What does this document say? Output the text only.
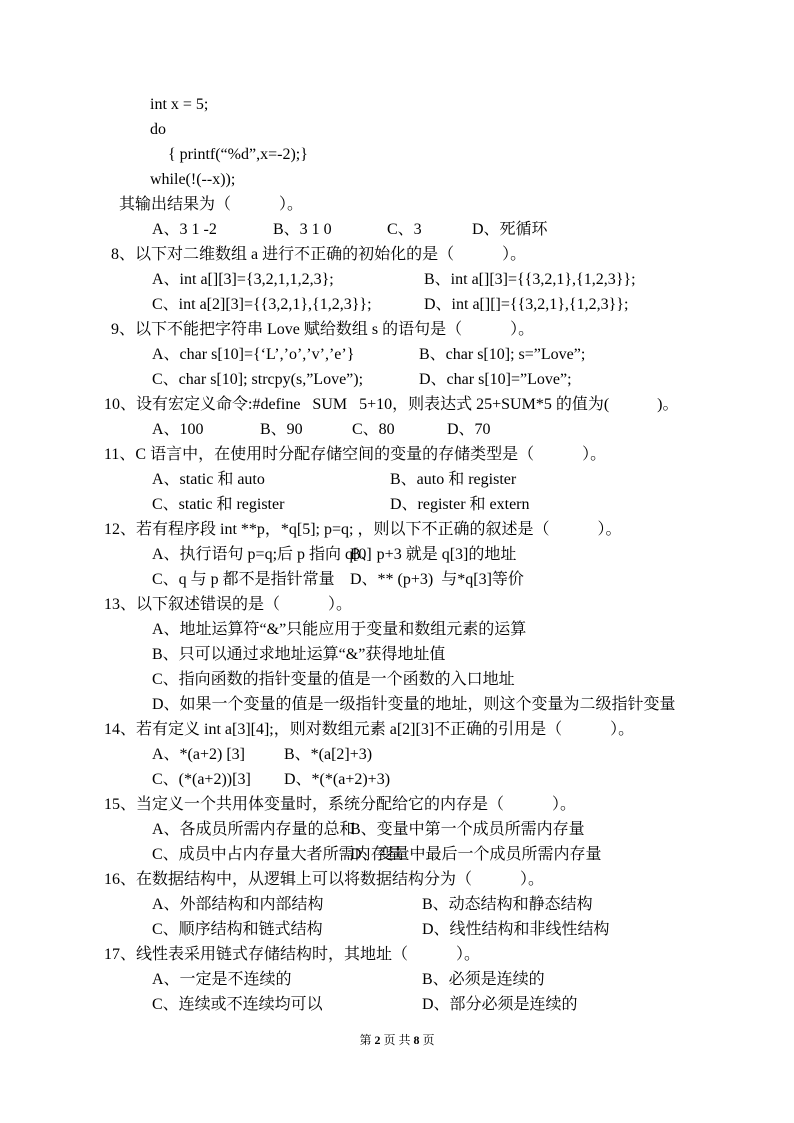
int x = 5;
do
{ printf(“%d”,x=-2);}
while(!(--x));
其输出结果为（　　　）。
A、3 1 -2	B、3 1 0	C、3	D、死循环
8、以下对二维数组 a 进行不正确的初始化的是（　　　）。
A、int a[][3]={3,2,1,1,2,3};	B、int a[][3]={{3,2,1},{1,2,3}};
C、int a[2][3]={{3,2,1},{1,2,3}};	D、int a[][]={{3,2,1},{1,2,3}};
9、以下不能把字符串 Love 赋给数组 s 的语句是（　　　）。
A、char s[10]={‘L’,’o’,’v’,’e’}	B、char s[10]; s=”Love”;
C、char s[10]; strcpy(s,”Love”);	D、char s[10]=”Love”;
10、设有宏定义命令:#define   SUM   5+10，则表达式 25+SUM*5 的值为(　　　)。
A、100	B、90	C、80	D、70
11、C 语言中，在使用时分配存储空间的变量的存储类型是（　　　）。
A、static 和 auto	B、auto 和 register
C、static 和 register	D、register 和 extern
12、若有程序段 int **p，*q[5]; p=q; ，则以下不正确的叙述是（　　　）。
A、执行语句 p=q;后 p 指向 q[0]B、p+3 就是 q[3]的地址
C、q 与 p 都不是指针常量 D、** (p+3)  与*q[3]等价
13、以下叙述错误的是（　　　）。
A、地址运算符“&”只能应用于变量和数组元素的运算
B、只可以通过求地址运算“&”获得地址值
C、指向函数的指针变量的值是一个函数的入口地址
D、如果一个变量的值是一级指针变量的地址，则这个变量为二级指针变量
14、若有定义 int a[3][4];，则对数组元素 a[2][3]不正确的引用是（　　　）。
A、*(a+2) [3] B、*(a[2]+3)
C、(*(a+2))[3] D、*(*(a+2)+3)
15、当定义一个共用体变量时，系统分配给它的内存是（　　　）。
A、各成员所需内存量的总和B、变量中第一个成员所需内存量
C、成员中占内存量大者所需内存量D、变量中最后一个成员所需内存量
16、在数据结构中，从逻辑上可以将数据结构分为（　　　）。
A、外部结构和内部结构	B、动态结构和静态结构
C、顺序结构和链式结构	D、线性结构和非线性结构
17、线性表采用链式存储结构时，其地址（　　　）。
A、一定是不连续的	B、必须是连续的
C、连续或不连续均可以	D、部分必须是连续的
第 2 页 共 8 页
